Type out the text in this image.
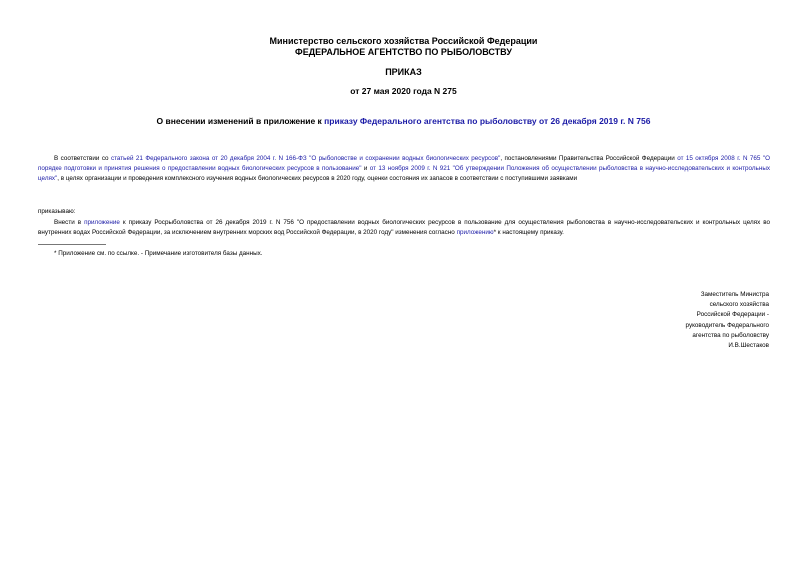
Министерство сельского хозяйства Российской Федерации
ФЕДЕРАЛЬНОЕ АГЕНТСТВО ПО РЫБОЛОВСТВУ
ПРИКАЗ
от 27 мая 2020 года N 275
О внесении изменений в приложение к приказу Федерального агентства по рыболовству от 26 декабря 2019 г. N 756
В соответствии со статьей 21 Федерального закона от 20 декабря 2004 г. N 166-ФЗ "О рыболовстве и сохранении водных биологических ресурсов", постановлениями Правительства Российской Федерации от 15 октября 2008 г. N 765 "О порядке подготовки и принятия решения о предоставлении водных биологических ресурсов в пользование" и от 13 ноября 2009 г. N 921 "Об утверждении Положения об осуществлении рыболовства в научно-исследовательских и контрольных целях", в целях организации и проведения комплексного изучения водных биологических ресурсов в 2020 году, оценки состояния их запасов в соответствии с поступившими заявками
приказываю:
Внести в приложение к приказу Росрыболовства от 26 декабря 2019 г. N 756 "О предоставлении водных биологических ресурсов в пользование для осуществления рыболовства в научно-исследовательских и контрольных целях во внутренних водах Российской Федерации, за исключением внутренних морских вод Российской Федерации, в 2020 году" изменения согласно приложению* к настоящему приказу.
* Приложение см. по ссылке. - Примечание изготовителя базы данных.
Заместитель Министра
сельского хозяйства
Российской Федерации -
руководитель Федерального
агентства по рыболовству
И.В.Шестаков
